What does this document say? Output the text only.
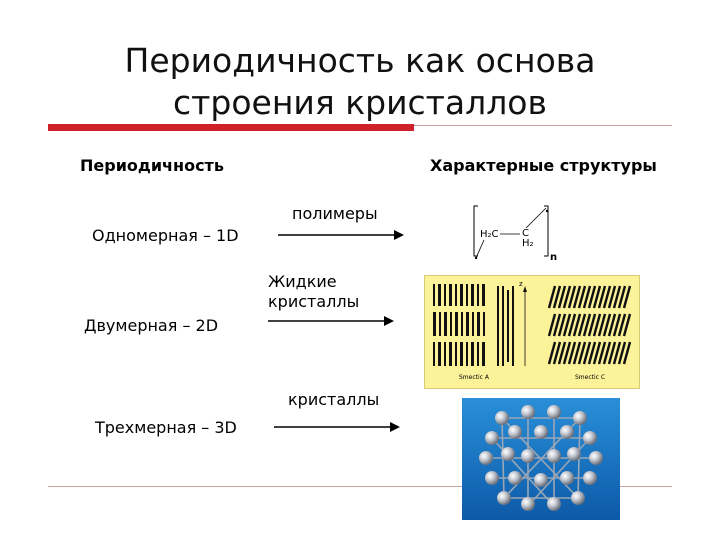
Периодичность как основа
строения кристаллов
Периодичность	Характерные структуры
Одномерная – 1D
полимеры
Двумерная – 2D
Жидкие
кристаллы
Трехмерная – 3D
кристаллы
H₂C C
H₂
n
z
Smectic A	Smectic C
